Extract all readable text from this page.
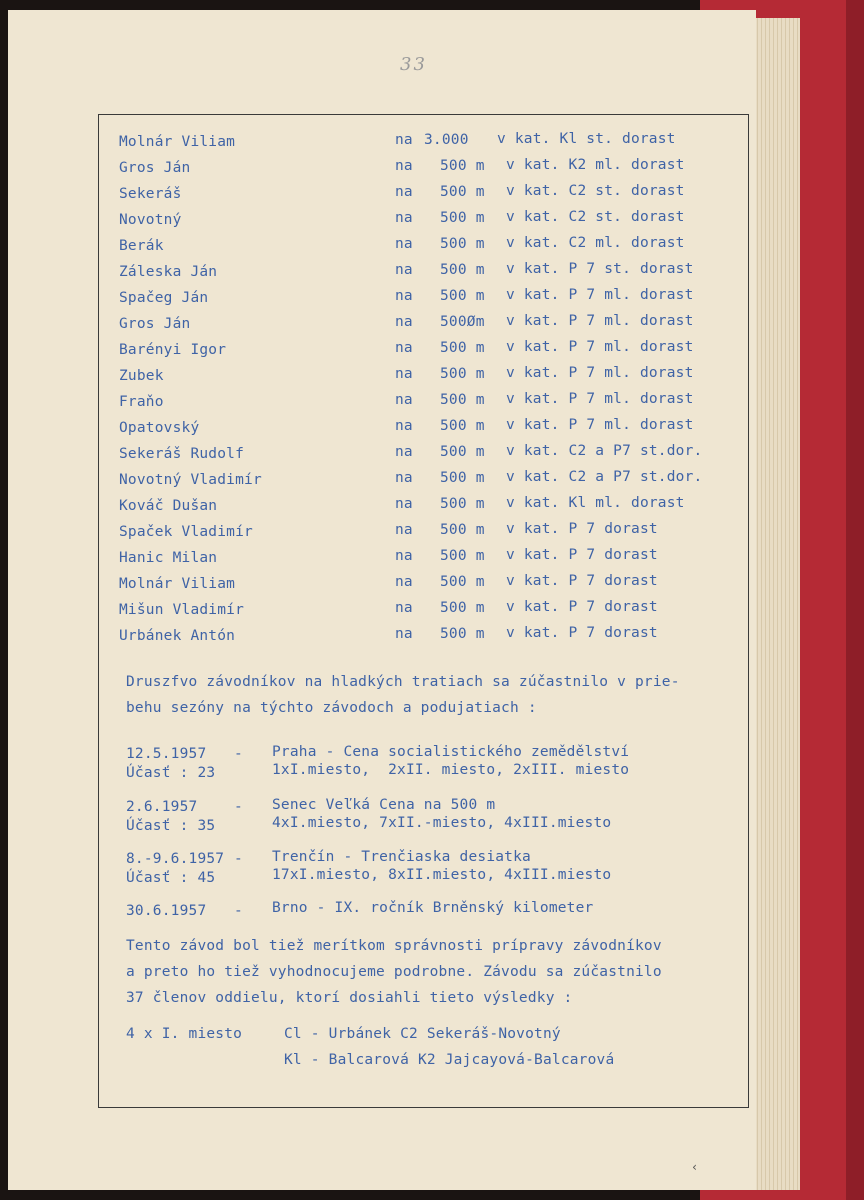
33
Molnár Viliam	na 3.000 v kat. Kl st. dorast
Gros Ján	na 500 m v kat. K2 ml. dorast
Sekeráš	na 500 m v kat. C2 st. dorast
Novotný	na 500 m v kat. C2 st. dorast
Berák	na 500 m v kat. C2 ml. dorast
Záleska Ján	na 500 m v kat. P 7 st. dorast
Spačeg Ján	na 500 m v kat. P 7 ml. dorast
Gros Ján	na 500Øm v kat. P 7 ml. dorast
Barényi Igor	na 500 m v kat. P 7 ml. dorast
Zubek	na 500 m v kat. P 7 ml. dorast
Fraňo	na 500 m v kat. P 7 ml. dorast
Opatovský	na 500 m v kat. P 7 ml. dorast
Sekeráš Rudolf	na 500 m v kat. C2 a P7 st.dor.
Novotný Vladimír	na 500 m v kat. C2 a P7 st.dor.
Kováč Dušan	na 500 m v kat. Kl ml. dorast
Spaček Vladimír	na 500 m v kat. P 7 dorast
Hanic Milan	na 500 m v kat. P 7 dorast
Molnár Viliam	na 500 m v kat. P 7 dorast
Mišun Vladimír	na 500 m v kat. P 7 dorast
Urbánek Antón	na 500 m v kat. P 7 dorast
Druszfvo závodníkov na hladkých tratiach sa zúčastnilo v prie-
behu sezóny na týchto závodoch a podujatiach :
12.5.1957 - Praha - Cena socialistického zemědělství
Účasť : 23	1xI.miesto,  2xII. miesto, 2xIII. miesto
2.6.1957	- Senec Veľká Cena na 500 m
Účasť : 35	4xI.miesto, 7xII.-miesto, 4xIII.miesto
8.-9.6.1957 - Trenčín - Trenčiaska desiatka
Účasť : 45	17xI.miesto, 8xII.miesto, 4xIII.miesto
30.6.1957 - Brno - IX. ročník Brněnský kilometer
Tento závod bol tiež merítkom správnosti prípravy závodníkov
a preto ho tiež vyhodnocujeme podrobne. Závodu sa zúčastnilo
37 členov oddielu, ktorí dosiahli tieto výsledky :
4 x I. miesto	Cl - Urbánek C2 Sekeráš-Novotný
Kl - Balcarová K2 Jajcayová-Balcarová
‹
